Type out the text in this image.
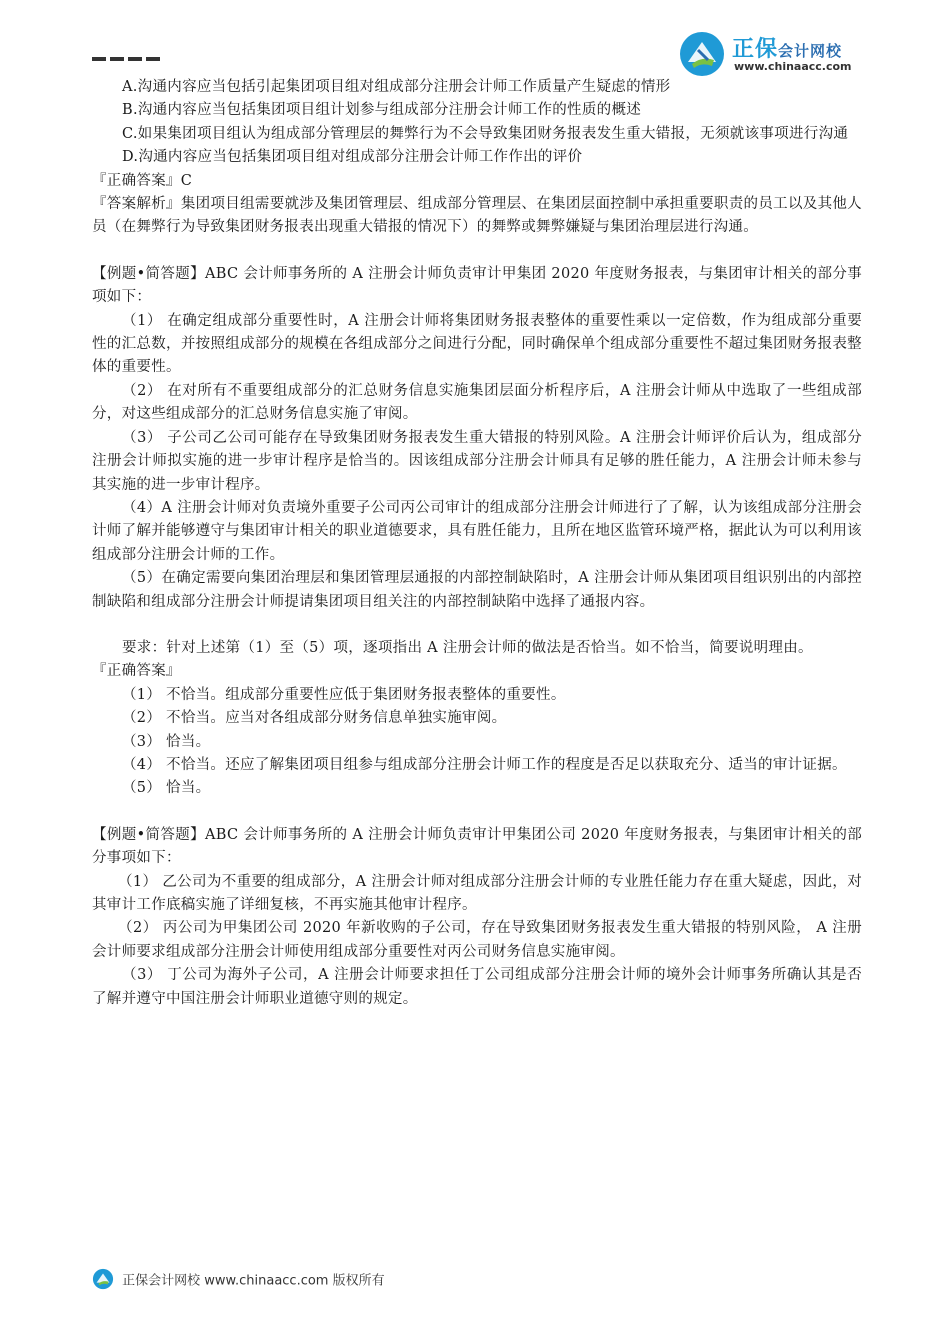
正保会计网校
www.chinaacc.com

A.沟通内容应当包括引起集团项目组对组成部分注册会计师工作质量产生疑虑的情形

B.沟通内容应当包括集团项目组计划参与组成部分注册会计师工作的性质的概述

C.如果集团项目组认为组成部分管理层的舞弊行为不会导致集团财务报表发生重大错报，无须就该事项进行沟通

D.沟通内容应当包括集团项目组对组成部分注册会计师工作作出的评价

『正确答案』C

『答案解析』集团项目组需要就涉及集团管理层、组成部分管理层、在集团层面控制中承担重要职责的员工以及其他人员（在舞弊行为导致集团财务报表出现重大错报的情况下）的舞弊或舞弊嫌疑与集团治理层进行沟通。

【例题•简答题】ABC 会计师事务所的 A 注册会计师负责审计甲集团 2020 年度财务报表，与集团审计相关的部分事项如下：

（1） 在确定组成部分重要性时，A 注册会计师将集团财务报表整体的重要性乘以一定倍数，作为组成部分重要性的汇总数，并按照组成部分的规模在各组成部分之间进行分配，同时确保单个组成部分重要性不超过集团财务报表整体的重要性。

（2） 在对所有不重要组成部分的汇总财务信息实施集团层面分析程序后，A 注册会计师从中选取了一些组成部分，对这些组成部分的汇总财务信息实施了审阅。

（3） 子公司乙公司可能存在导致集团财务报表发生重大错报的特别风险。A 注册会计师评价后认为，组成部分注册会计师拟实施的进一步审计程序是恰当的。因该组成部分注册会计师具有足够的胜任能力，A 注册会计师未参与其实施的进一步审计程序。

（4）A 注册会计师对负责境外重要子公司丙公司审计的组成部分注册会计师进行了了解，认为该组成部分注册会计师了解并能够遵守与集团审计相关的职业道德要求，具有胜任能力，且所在地区监管环境严格，据此认为可以利用该组成部分注册会计师的工作。

（5）在确定需要向集团治理层和集团管理层通报的内部控制缺陷时，A 注册会计师从集团项目组识别出的内部控制缺陷和组成部分注册会计师提请集团项目组关注的内部控制缺陷中选择了通报内容。

要求：针对上述第（1）至（5）项，逐项指出 A 注册会计师的做法是否恰当。如不恰当，简要说明理由。

『正确答案』

（1） 不恰当。组成部分重要性应低于集团财务报表整体的重要性。

（2） 不恰当。应当对各组成部分财务信息单独实施审阅。

（3） 恰当。

（4） 不恰当。还应了解集团项目组参与组成部分注册会计师工作的程度是否足以获取充分、适当的审计证据。

（5） 恰当。

【例题•简答题】ABC 会计师事务所的 A 注册会计师负责审计甲集团公司 2020 年度财务报表，与集团审计相关的部分事项如下：

（1） 乙公司为不重要的组成部分，A 注册会计师对组成部分注册会计师的专业胜任能力存在重大疑虑，因此，对其审计工作底稿实施了详细复核，不再实施其他审计程序。

（2） 丙公司为甲集团公司 2020 年新收购的子公司，存在导致集团财务报表发生重大错报的特别风险， A 注册会计师要求组成部分注册会计师使用组成部分重要性对丙公司财务信息实施审阅。

（3） 丁公司为海外子公司，A 注册会计师要求担任丁公司组成部分注册会计师的境外会计师事务所确认其是否了解并遵守中国注册会计师职业道德守则的规定。

正保会计网校 www.chinaacc.com 版权所有
